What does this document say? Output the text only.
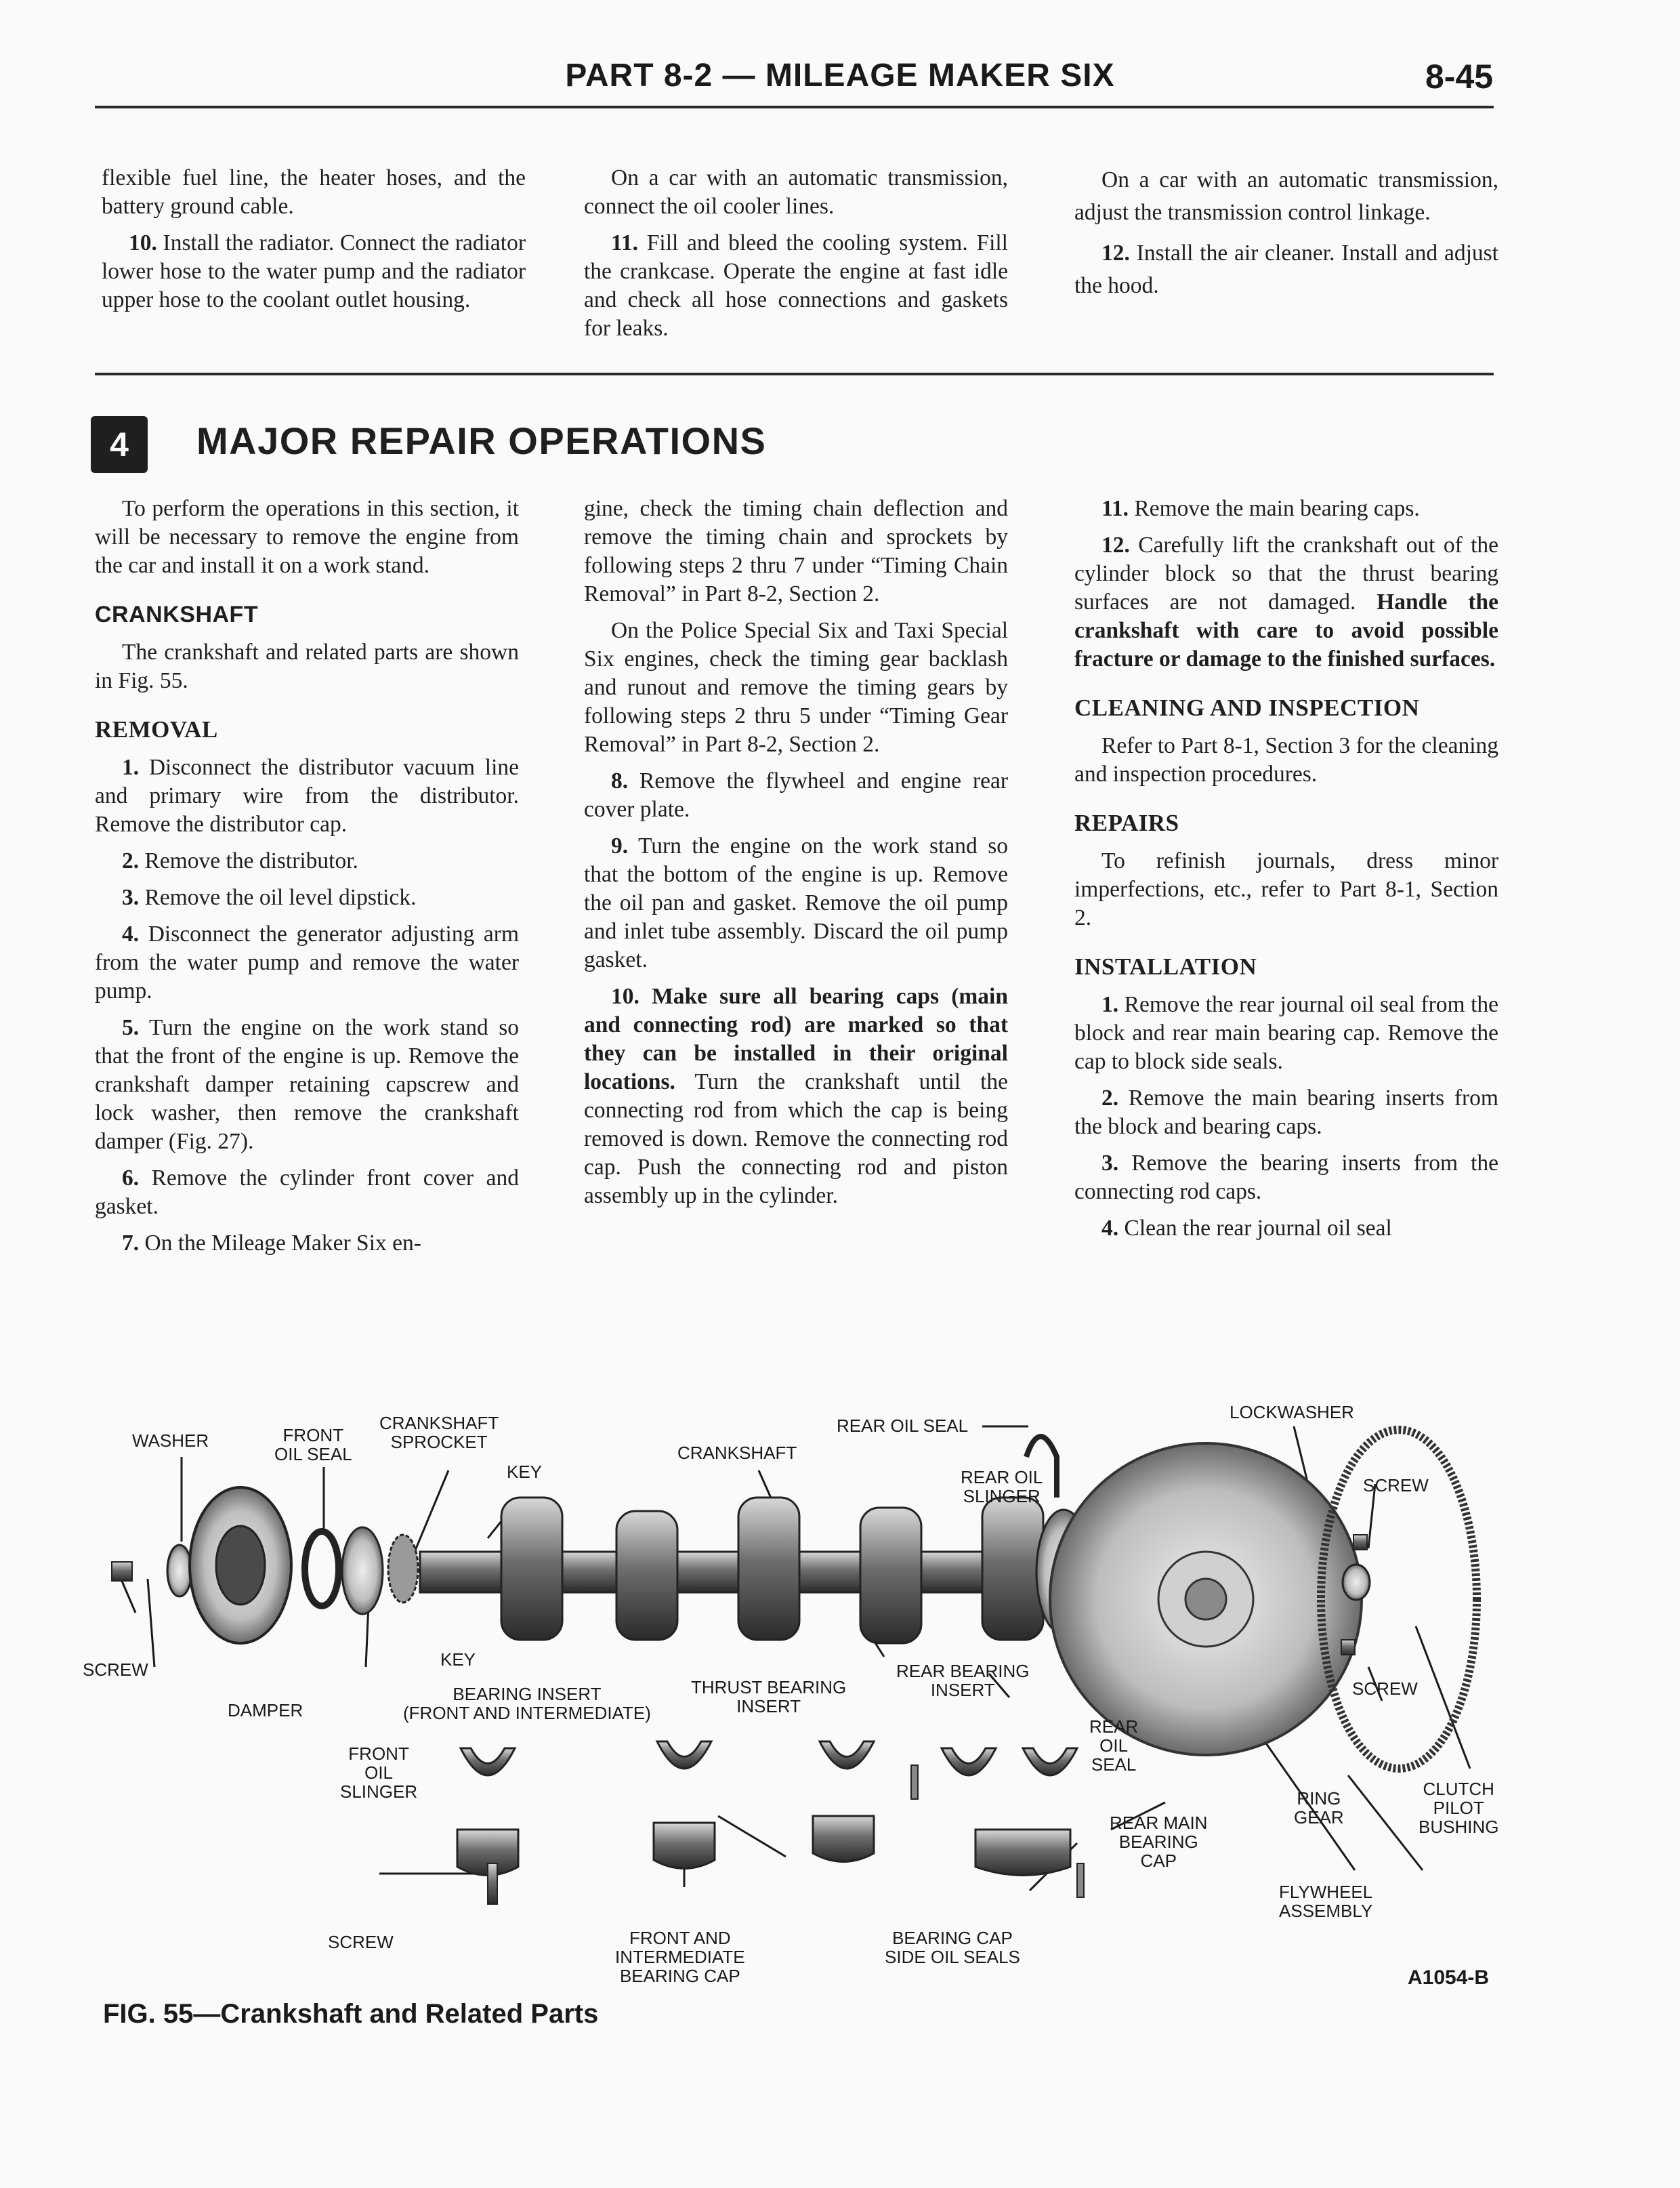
PART 8-2 — MILEAGE MAKER SIX	8-45

flexible fuel line, the heater hoses, and the battery ground cable.

10. Install the radiator. Connect the radiator lower hose to the water pump and the radiator upper hose to the coolant outlet housing.

On a car with an automatic transmission, connect the oil cooler lines.

11. Fill and bleed the cooling system. Fill the crankcase. Operate the engine at fast idle and check all hose connections and gaskets for leaks.

On a car with an automatic transmission, adjust the transmission control linkage.

12. Install the air cleaner. Install and adjust the hood.

4	MAJOR REPAIR OPERATIONS

To perform the operations in this section, it will be necessary to remove the engine from the car and install it on a work stand.

CRANKSHAFT

The crankshaft and related parts are shown in Fig. 55.

REMOVAL

1. Disconnect the distributor vacuum line and primary wire from the distributor. Remove the distributor cap.

2. Remove the distributor.

3. Remove the oil level dipstick.

4. Disconnect the generator adjusting arm from the water pump and remove the water pump.

5. Turn the engine on the work stand so that the front of the engine is up. Remove the crankshaft damper retaining capscrew and lock washer, then remove the crankshaft damper (Fig. 27).

6. Remove the cylinder front cover and gasket.

7. On the Mileage Maker Six en-

gine, check the timing chain deflection and remove the timing chain and sprockets by following steps 2 thru 7 under “Timing Chain Removal” in Part 8-2, Section 2.

On the Police Special Six and Taxi Special Six engines, check the timing gear backlash and runout and remove the timing gears by following steps 2 thru 5 under “Timing Gear Removal” in Part 8-2, Section 2.

8. Remove the flywheel and engine rear cover plate.

9. Turn the engine on the work stand so that the bottom of the engine is up. Remove the oil pan and gasket. Remove the oil pump and inlet tube assembly. Discard the oil pump gasket.

10. Make sure all bearing caps (main and connecting rod) are marked so that they can be installed in their original locations. Turn the crankshaft until the connecting rod from which the cap is being removed is down. Remove the connecting rod cap. Push the connecting rod and piston assembly up in the cylinder.

11. Remove the main bearing caps.

12. Carefully lift the crankshaft out of the cylinder block so that the thrust bearing surfaces are not damaged. Handle the crankshaft with care to avoid possible fracture or damage to the finished surfaces.

CLEANING AND INSPECTION

Refer to Part 8-1, Section 3 for the cleaning and inspection procedures.

REPAIRS

To refinish journals, dress minor imperfections, etc., refer to Part 8-1, Section 2.

INSTALLATION

1. Remove the rear journal oil seal from the block and rear main bearing cap. Remove the cap to block side seals.

2. Remove the main bearing inserts from the block and bearing caps.

3. Remove the bearing inserts from the connecting rod caps.

4. Clean the rear journal oil seal

WASHER	FRONT
OIL SEAL
CRANKSHAFT
SPROCKET
KEY
CRANKSHAFT
REAR OIL SEAL
REAR OIL
SLINGER
LOCKWASHER
SCREW
SCREW	KEY
DAMPER
BEARING INSERT
(FRONT AND INTERMEDIATE)
THRUST BEARING
INSERT
REAR BEARING
INSERT	SCREW
FRONT
OIL
SLINGER
REAR
OIL
SEAL
RING
GEAR
CLUTCH
PILOT
BUSHING
REAR MAIN
BEARING
CAP
SCREW	FRONT AND
INTERMEDIATE
BEARING CAP
BEARING CAP
SIDE OIL SEALS
FLYWHEEL
ASSEMBLY
FIG. 55—Crankshaft and Related Parts
A1054-B
